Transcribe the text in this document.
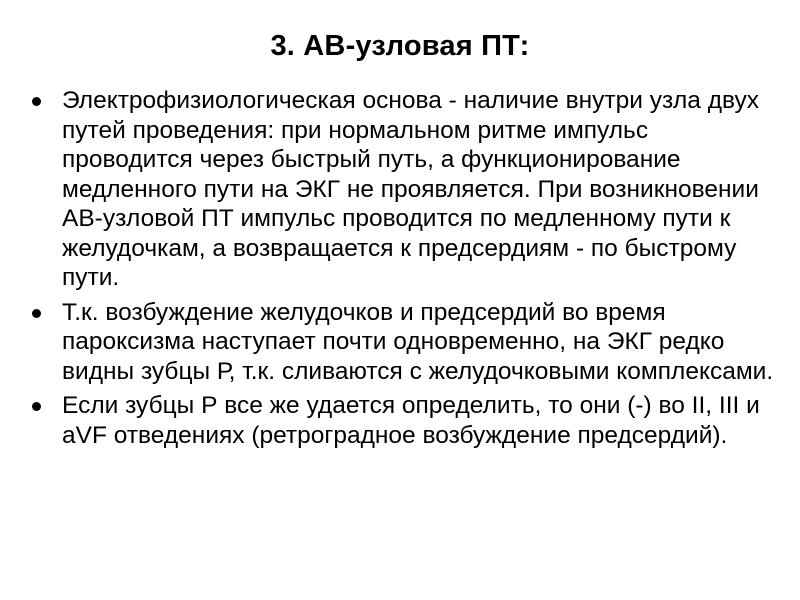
3. АВ-узловая ПТ:
Электрофизиологическая основа - наличие внутри узла двух путей проведения: при нормальном ритме импульс проводится через быстрый путь, а функционирование медленного пути на ЭКГ не проявляется. При возникновении АВ-узловой ПТ импульс проводится по медленному пути к желудочкам, а возвращается к предсердиям - по быстрому пути.
Т.к. возбуждение желудочков и предсердий во время пароксизма наступает почти одновременно, на ЭКГ редко видны зубцы Р, т.к. сливаются с желудочковыми комплексами.
Если зубцы Р все же удается определить, то они (-) во II, III и aVF отведениях (ретроградное возбуждение предсердий).
